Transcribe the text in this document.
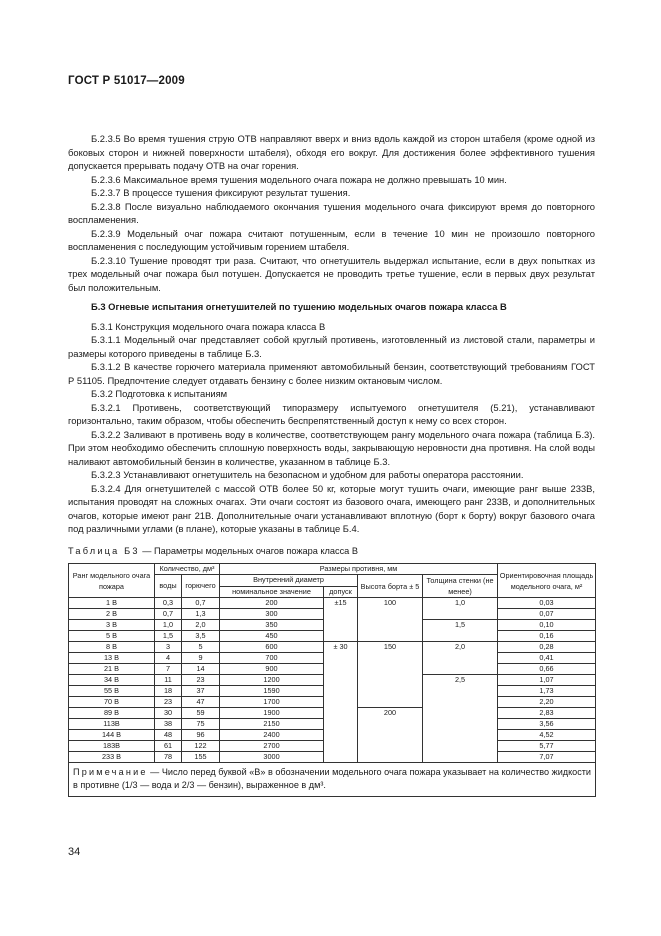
ГОСТ Р 51017—2009

Б.2.3.5 Во время тушения струю ОТВ направляют вверх и вниз вдоль каждой из сторон штабеля (кроме одной из боковых сторон и нижней поверхности штабеля), обходя его вокруг. Для достижения более эффективного тушения допускается прерывать подачу ОТВ на очаг горения.

Б.2.3.6 Максимальное время тушения модельного очага пожара не должно превышать 10 мин.

Б.2.3.7 В процессе тушения фиксируют результат тушения.

Б.2.3.8 После визуально наблюдаемого окончания тушения модельного очага фиксируют время до повторного воспламенения.

Б.2.3.9 Модельный очаг пожара считают потушенным, если в течение 10 мин не произошло повторного воспламенения с последующим устойчивым горением штабеля.

Б.2.3.10 Тушение проводят три раза. Считают, что огнетушитель выдержал испытание, если в двух попытках из трех модельный очаг пожара был потушен. Допускается не проводить третье тушение, если в первых двух результат был положительным.

Б.3 Огневые испытания огнетушителей по тушению модельных очагов пожара класса В

Б.3.1 Конструкция модельного очага пожара класса В

Б.3.1.1 Модельный очаг представляет собой круглый противень, изготовленный из листовой стали, параметры и размеры которого приведены в таблице Б.3.

Б.3.1.2 В качестве горючего материала применяют автомобильный бензин, соответствующий требованиям ГОСТ Р 51105. Предпочтение следует отдавать бензину с более низким октановым числом.

Б.3.2 Подготовка к испытаниям

Б.3.2.1 Противень, соответствующий типоразмеру испытуемого огнетушителя (5.21), устанавливают горизонтально, таким образом, чтобы обеспечить беспрепятственный доступ к нему со всех сторон.

Б.3.2.2 Заливают в противень воду в количестве, соответствующем рангу модельного очага пожара (таблица Б.3). При этом необходимо обеспечить сплошную поверхность воды, закрывающую неровности дна противня. На слой воды наливают автомобильный бензин в количестве, указанном в таблице Б.3.

Б.3.2.3 Устанавливают огнетушитель на безопасном и удобном для работы оператора расстоянии.

Б.3.2.4 Для огнетушителей с массой ОТВ более 50 кг, которые могут тушить очаги, имеющие ранг выше 233В, испытания проводят на сложных очагах. Эти очаги состоят из базового очага, имеющего ранг 233В, и дополнительных очагов, которые имеют ранг 21В. Дополнительные очаги устанавливают вплотную (борт к борту) вокруг базового очага под различными углами (в плане), которые указаны в таблице Б.4.

Таблица Б3 — Параметры модельных очагов пожара класса В
Ранг модельного очага пожара	Количество, дм³		Размеры противня, мм				Ориентировочная площадь модельного очага, м²
	воды	горючего	Внутренний диаметр		Высота борта ± 5	Толщина стенки (не менее)	
			номинальное значение	допуск			
1 В	0,3	0,7	200	±15	100	1,0	0,03
2 В	0,7	1,3	300				0,07
3 В	1,0	2,0	350			1,5	0,10
5 В	1,5	3,5	450				0,16
8 В	3	5	600	± 30	150	2,0	0,28
13 В	4	9	700				0,41
21 В	7	14	900				0,66
34 В	11	23	1200			2,5	1,07
55 В	18	37	1590				1,73
70 В	23	47	1700				2,20
89 В	30	59	1900		200		2,83
113В	38	75	2150				3,56
144 В	48	96	2400				4,52
183В	61	122	2700				5,77
233 В	78	155	3000				7,07
Примечание — Число перед буквой «В» в обозначении модельного очага пожара указывает на количество жидкости в противне (1/3 — вода и 2/3 — бензин), выраженное в дм³.							
34
